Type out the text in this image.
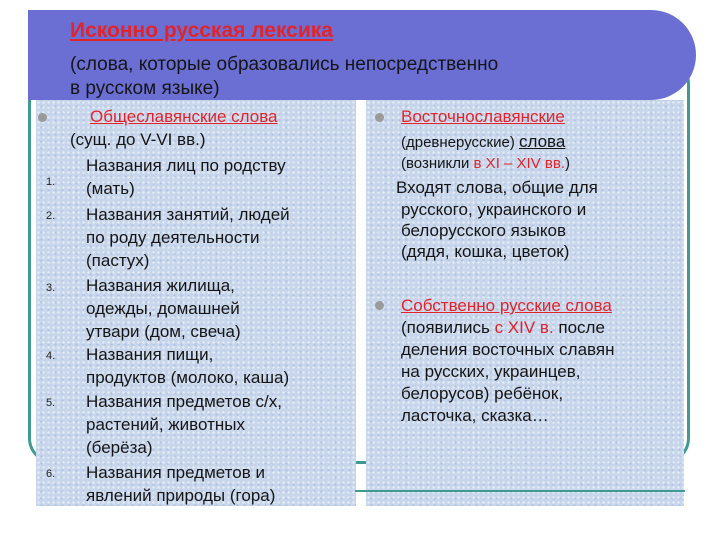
Исконно русская лексика
(слова, которые образовались непосредственно
в русском языке)
Общеславянские слова
(сущ. до V-VI вв.)
1.
Названия лиц по родству
(мать)
2. Названия занятий, людей
по роду деятельности
(пастух)
3. Названия жилища,
одежды, домашней
утвари (дом, свеча)
4. Названия пищи,
продуктов (молоко, каша)
5. Названия предметов с/х,
растений, животных
(берёза)
6. Названия предметов и
явлений природы (гора)
Восточнославянские
(древнерусские) слова
(возникли в XI – XIV вв.)
Входят слова, общие для
русского, украинского и
белорусского языков
(дядя, кошка, цветок)
Собственно русские слова
(появились с XIV в. после
деления восточных славян
на русских, украинцев,
белорусов) ребёнок,
ласточка, сказка…
